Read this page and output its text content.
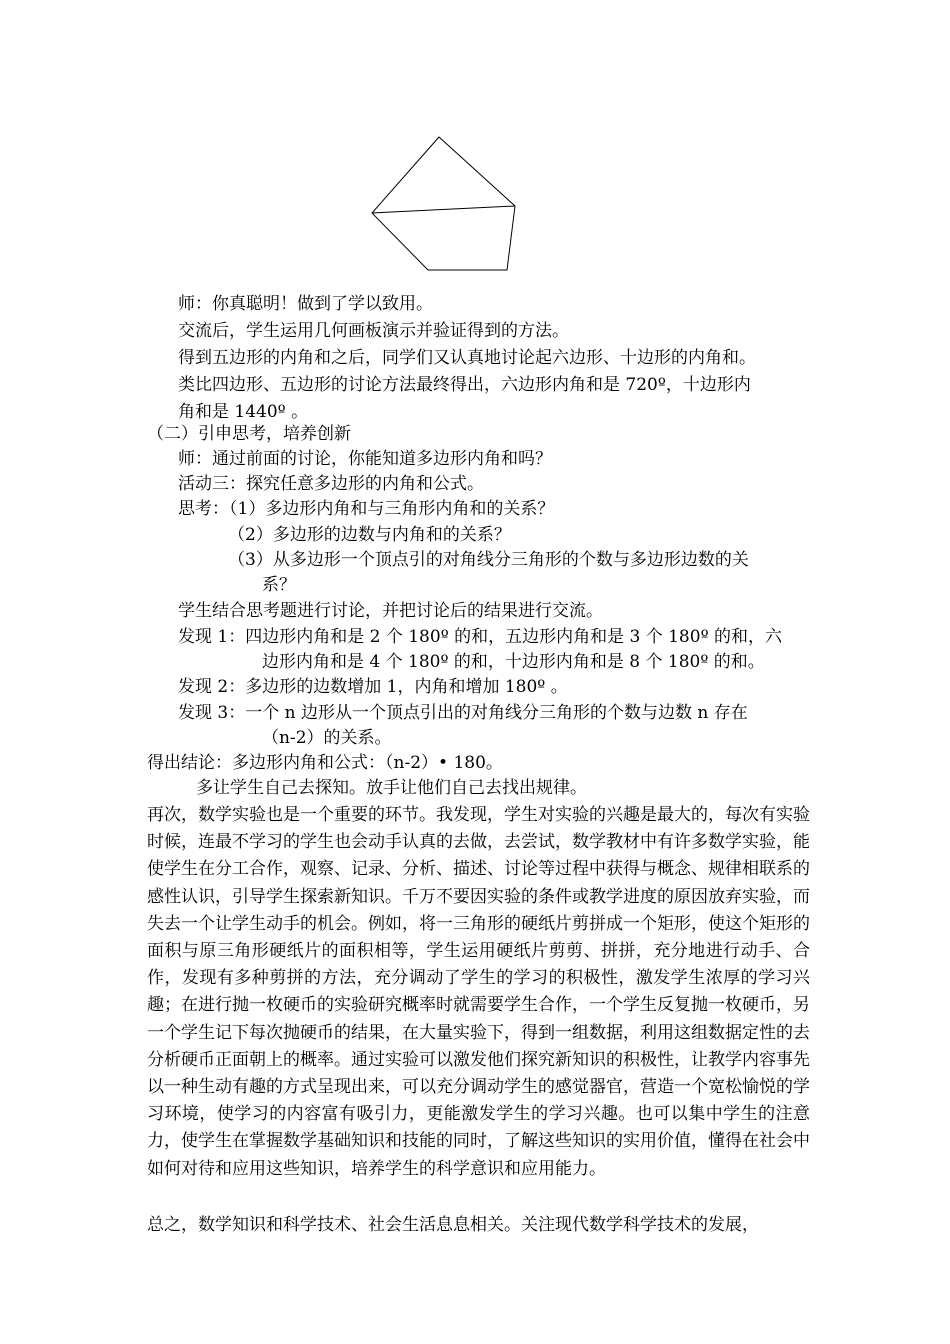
师：你真聪明！做到了学以致用。
交流后，学生运用几何画板演示并验证得到的方法。
得到五边形的内角和之后，同学们又认真地讨论起六边形、十边形的内角和。
类比四边形、五边形的讨论方法最终得出，六边形内角和是 720º，十边形内
角和是 1440º 。
（二）引申思考，培养创新
师：通过前面的讨论，你能知道多边形内角和吗？
活动三：探究任意多边形的内角和公式。
思考：（1）多边形内角和与三角形内角和的关系？
（2）多边形的边数与内角和的关系？
（3）从多边形一个顶点引的对角线分三角形的个数与多边形边数的关
系？
学生结合思考题进行讨论，并把讨论后的结果进行交流。
发现 1：四边形内角和是 2 个 180º 的和，五边形内角和是 3 个 180º 的和，六
边形内角和是 4 个 180º 的和，十边形内角和是 8 个 180º 的和。
发现 2：多边形的边数增加 1，内角和增加 180º 。
发现 3：一个 n 边形从一个顶点引出的对角线分三角形的个数与边数 n 存在
（n-2）的关系。
得出结论：多边形内角和公式：（n-2）• 180。
多让学生自己去探知。放手让他们自己去找出规律。
再次，数学实验也是一个重要的环节。我发现，学生对实验的兴趣是最大的，每次有实验时候，连最不学习的学生也会动手认真的去做，去尝试，数学教材中有许多数学实验，能使学生在分工合作，观察、记录、分析、描述、讨论等过程中获得与概念、规律相联系的感性认识，引导学生探索新知识。千万不要因实验的条件或教学进度的原因放弃实验，而失去一个让学生动手的机会。例如，将一三角形的硬纸片剪拼成一个矩形，使这个矩形的面积与原三角形硬纸片的面积相等，学生运用硬纸片剪剪、拼拼，充分地进行动手、合作，发现有多种剪拼的方法，充分调动了学生的学习的积极性，激发学生浓厚的学习兴趣；在进行抛一枚硬币的实验研究概率时就需要学生合作，一个学生反复抛一枚硬币，另一个学生记下每次抛硬币的结果，在大量实验下，得到一组数据，利用这组数据定性的去分析硬币正面朝上的概率。通过实验可以激发他们探究新知识的积极性，让教学内容事先以一种生动有趣的方式呈现出来，可以充分调动学生的感觉器官，营造一个宽松愉悦的学习环境，使学习的内容富有吸引力，更能激发学生的学习兴趣。也可以集中学生的注意力，使学生在掌握数学基础知识和技能的同时，了解这些知识的实用价值，懂得在社会中如何对待和应用这些知识，培养学生的科学意识和应用能力。
总之，数学知识和科学技术、社会生活息息相关。关注现代数学科学技术的发展，
